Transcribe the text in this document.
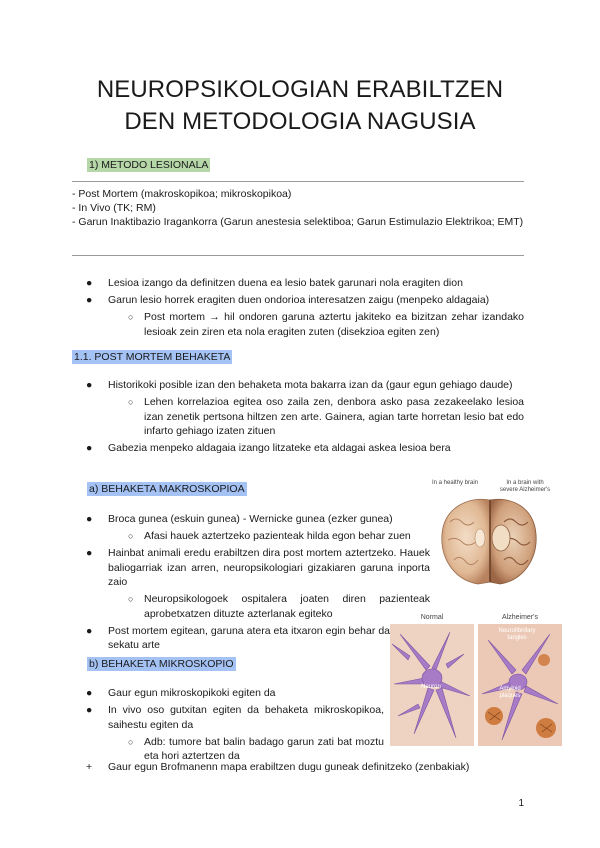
NEUROPSIKOLOGIAN ERABILTZEN
DEN METODOLOGIA NAGUSIA
1) METODO LESIONALA
- Post Mortem (makroskopikoa; mikroskopikoa)
- In Vivo (TK; RM)
- Garun Inaktibazio Iragankorra (Garun anestesia selektiboa; Garun Estimulazio Elektrikoa; EMT)
● Lesioa izango da definitzen duena ea lesio batek garunari nola eragiten dion
● Garun lesio horrek eragiten duen ondorioa interesatzen zaigu (menpeko aldagaia)
○ Post mortem → hil ondoren garuna aztertu jakiteko ea bizitzan zehar izandako lesioak zein ziren eta nola eragiten zuten (disekzioa egiten zen)
1.1. POST MORTEM BEHAKETA
● Historikoki posible izan den behaketa mota bakarra izan da (gaur egun gehiago daude)
○ Lehen korrelazioa egitea oso zaila zen, denbora asko pasa zezakeelako lesioa izan zenetik pertsona hiltzen zen arte. Gainera, agian tarte horretan lesio bat edo infarto gehiago izaten zituen
● Gabezia menpeko aldagaia izango litzateke eta aldagai askea lesioa bera
a) BEHAKETA MAKROSKOPIOA
● Broca gunea (eskuin gunea) - Wernicke gunea (ezker gunea)
○ Afasi hauek aztertzeko pazienteak hilda egon behar zuen
● Hainbat animali eredu erabiltzen dira post mortem aztertzeko. Hauek baliogarriak izan arren, neuropsikologiari gizakiaren garuna inporta zaio
○ Neuropsikologoek ospitalera joaten diren pazienteak aprobetxatzen dituzte azterlanak egiteko
● Post mortem egitean, garuna atera eta itxaron egin behar da sekatu arte
b) BEHAKETA MIKROSKOPIO
● Gaur egun mikroskopikoki egiten da
● In vivo oso gutxitan egiten da behaketa mikroskopikoa, saihestu egiten da
○ Adb: tumore bat balin badago garun zati bat moztu eta hori aztertzen da
+ Gaur egun Brofmanenn mapa erabiltzen dugu guneak definitzeko (zenbakiak)
In a healthy brain	In a brain with severe Alzheimer's
Normal	Alzheimer's
Neuron
Neurofibrillary tangles
Amyloid plaques
1
